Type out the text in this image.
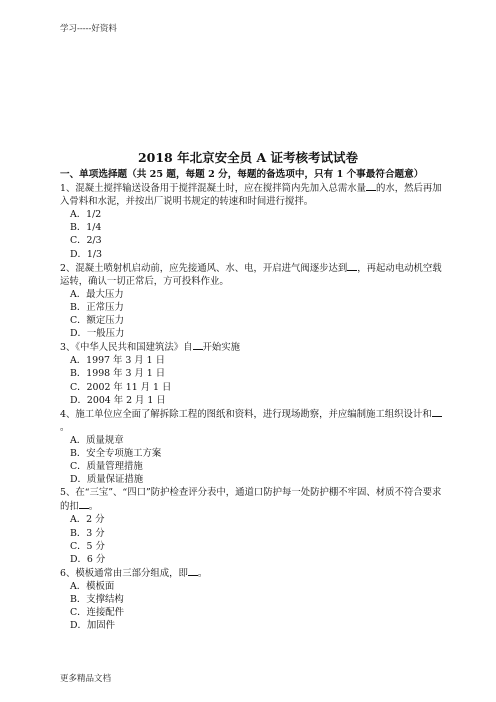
学习-----好资料
2018 年北京安全员 A 证考核考试试卷
一、单项选择题（共 25 题，每题 2 分，每题的备选项中，只有 1 个事最符合题意）

1、混凝土搅拌输送设备用于搅拌混凝土时，应在搅拌筒内先加入总需水量 的水，然后再加入骨料和水泥，并按出厂说明书规定的转速和时间进行搅拌。

A．1/2
B．1/4
C．2/3
D．1/3

2、混凝土喷射机启动前，应先接通风、水、电，开启进气阀逐步达到 ，再起动电动机空载运转，确认一切正常后，方可投料作业。

A．最大压力
B．正常压力
C．额定压力
D．一般压力

3、《中华人民共和国建筑法》自 开始实施

A．1997 年 3 月 1 日
B．1998 年 3 月 1 日
C．2002 年 11 月 1 日
D．2004 年 2 月 1 日

4、施工单位应全面了解拆除工程的图纸和资料，进行现场勘察，并应编制施工组织设计和。

A．质量规章
B．安全专项施工方案
C．质量管理措施
D．质量保证措施

5、在“三宝”、“四口”防护检查评分表中，通道口防护每一处防护棚不牢固、材质不符合要求的扣 。

A．2 分
B．3 分
C．5 分
D．6 分

6、模板通常由三部分组成，即 。

A．模板面
B．支撑结构
C．连接配件
D．加固件
更多精品文档
